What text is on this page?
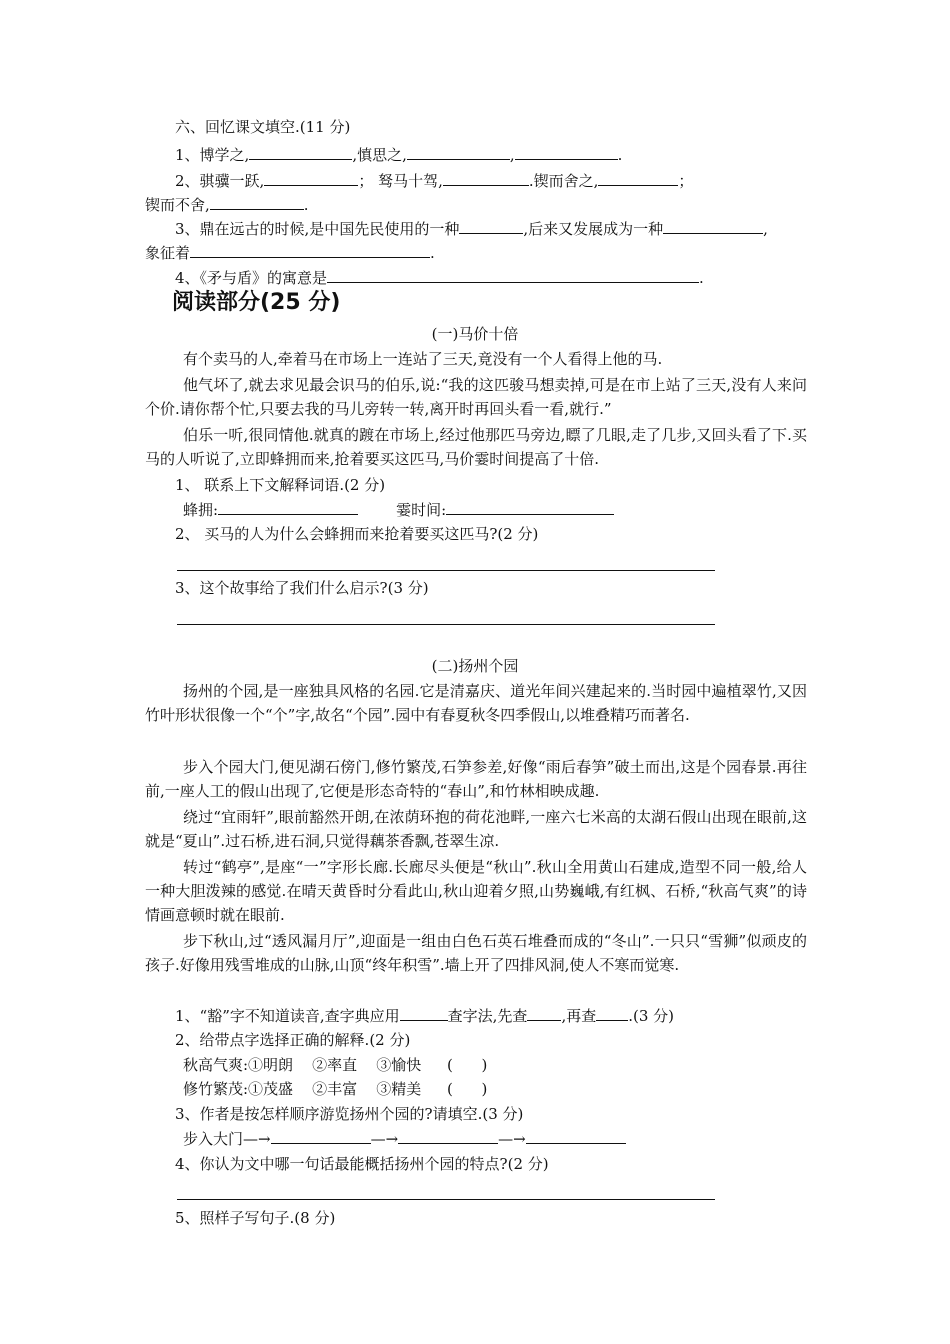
六、回忆课文填空.(11 分)
1、博学之,	,慎思之,	,	.
2、骐骥一跃,	； 驽马十驾,	.锲而舍之,	；
锲而不舍,	.
3、鼎在远古的时候,是中国先民使用的一种	,后来又发展成为一种	,
象征着	.
4、《矛与盾》的寓意是	.
阅读部分(25 分)
(一)马价十倍
有个卖马的人,牵着马在市场上一连站了三天,竟没有一个人看得上他的马.
他气坏了,就去求见最会识马的伯乐,说:“我的这匹骏马想卖掉,可是在市上站了三天,没有人来问个价.请你帮个忙,只要去我的马儿旁转一转,离开时再回头看一看,就行.”
伯乐一听,很同情他.就真的踱在市场上,经过他那匹马旁边,瞟了几眼,走了几步,又回头看了下.买马的人听说了,立即蜂拥而来,抢着要买这匹马,马价霎时间提高了十倍.
1、 联系上下文解释词语.(2 分)
蜂拥:	霎时间:
2、 买马的人为什么会蜂拥而来抢着要买这匹马?(2 分)
3、这个故事给了我们什么启示?(3 分)
(二)扬州个园
扬州的个园,是一座独具风格的名园.它是清嘉庆、道光年间兴建起来的.当时园中遍植翠竹,又因竹叶形状很像一个“个”字,故名“个园”.园中有春夏秋冬四季假山,以堆叠精巧而著名.
步入个园大门,便见湖石傍门,修竹繁茂,石笋参差,好像“雨后春笋”破土而出,这是个园春景.再往前,一座人工的假山出现了,它便是形态奇特的“春山”,和竹林相映成趣.
绕过“宜雨轩”,眼前豁然开朗,在浓荫环抱的荷花池畔,一座六七米高的太湖石假山出现在眼前,这就是“夏山”.过石桥,进石洞,只觉得藕茶香飘,苍翠生凉.
转过“鹤亭”,是座“一”字形长廊.长廊尽头便是“秋山”.秋山全用黄山石建成,造型不同一般,给人一种大胆泼辣的感觉.在晴天黄昏时分看此山,秋山迎着夕照,山势巍峨,有红枫、石桥,“秋高气爽”的诗情画意顿时就在眼前.
步下秋山,过“透风漏月厅”,迎面是一组由白色石英石堆叠而成的“冬山”.一只只“雪狮”似顽皮的孩子.好像用残雪堆成的山脉,山顶“终年积雪”.墙上开了四排风洞,使人不寒而觉寒.
1、“豁”字不知道读音,查字典应用	查字法,先查 ,再查 .(3 分)
2、给带点字选择正确的解释.(2 分)
秋高气爽:①明朗    ②率直    ③愉快 (      )
修竹繁茂:①茂盛    ②丰富    ③精美 (      )
3、作者是按怎样顺序游览扬州个园的?请填空.(3 分)
步入大门—→	—→	—→
4、你认为文中哪一句话最能概括扬州个园的特点?(2 分)
5、照样子写句子.(8 分)
